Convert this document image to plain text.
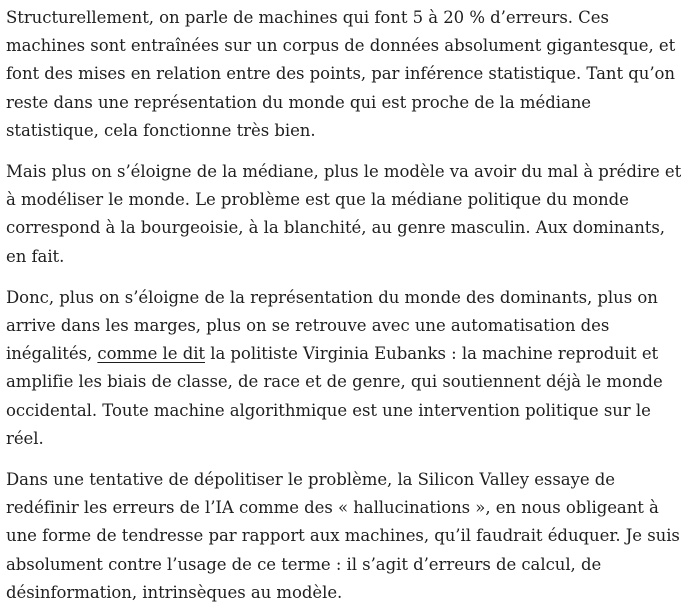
Structurellement, on parle de machines qui font 5 à 20 % d’erreurs. Ces machines sont entraînées sur un corpus de données absolument gigantesque, et font des mises en relation entre des points, par inférence statistique. Tant qu’on reste dans une représentation du monde qui est proche de la médiane statistique, cela fonctionne très bien.

Mais plus on s’éloigne de la médiane, plus le modèle va avoir du mal à prédire et à modéliser le monde. Le problème est que la médiane politique du monde correspond à la bourgeoisie, à la blanchité, au genre masculin. Aux dominants, en fait.

Donc, plus on s’éloigne de la représentation du monde des dominants, plus on arrive dans les marges, plus on se retrouve avec une automatisation des inégalités, comme le dit la politiste Virginia Eubanks : la machine reproduit et amplifie les biais de classe, de race et de genre, qui soutiennent déjà le monde occidental. Toute machine algorithmique est une intervention politique sur le réel.

Dans une tentative de dépolitiser le problème, la Silicon Valley essaye de redéfinir les erreurs de l’IA comme des « hallucinations », en nous obligeant à une forme de tendresse par rapport aux machines, qu’il faudrait éduquer. Je suis absolument contre l’usage de ce terme : il s’agit d’erreurs de calcul, de désinformation, intrinsèques au modèle.
